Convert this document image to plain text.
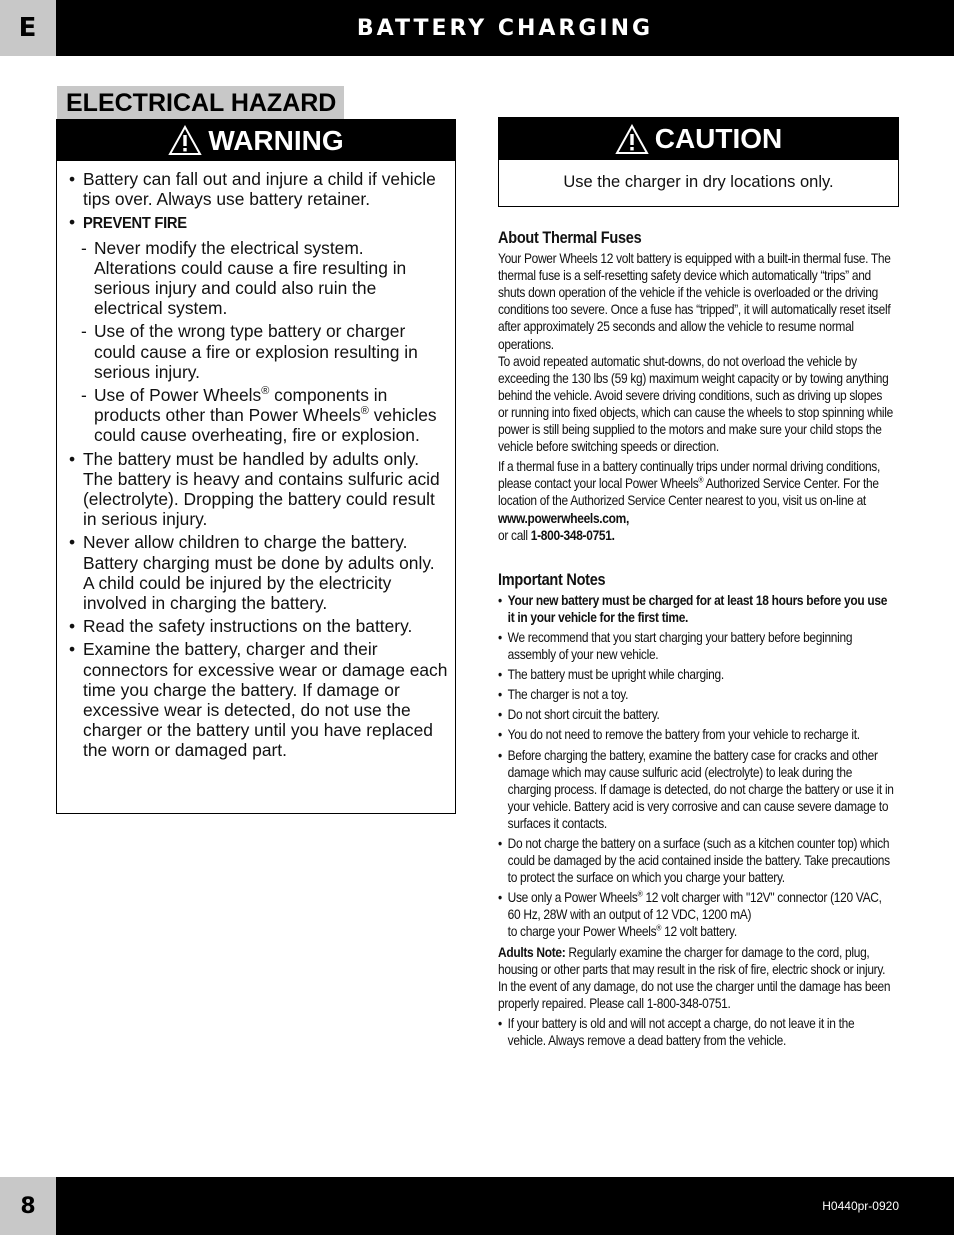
E	BATTERY CHARGING
ELECTRICAL HAZARD
WARNING
• Battery can fall out and injure a child if vehicle tips over. Always use battery retainer.
• PREVENT FIRE
- Never modify the electrical system. Alterations could cause a fire resulting in serious injury and could also ruin the electrical system.
- Use of the wrong type battery or charger could cause a fire or explosion resulting in serious injury.
- Use of Power Wheels® components in products other than Power Wheels® vehicles could cause overheating, fire or explosion.
• The battery must be handled by adults only. The battery is heavy and contains sulfuric acid (electrolyte). Dropping the battery could result in serious injury.
• Never allow children to charge the battery. Battery charging must be done by adults only. A child could be injured by the electricity involved in charging the battery.
• Read the safety instructions on the battery.
• Examine the battery, charger and their connectors for excessive wear or damage each time you charge the battery. If damage or excessive wear is detected, do not use the charger or the battery until you have replaced the worn or damaged part.
CAUTION
Use the charger in dry locations only.
About Thermal Fuses

Your Power Wheels 12 volt battery is equipped with a built-in thermal fuse. The thermal fuse is a self-resetting safety device which automatically “trips” and shuts down operation of the vehicle if the vehicle is overloaded or the driving conditions too severe. Once a fuse has “tripped”, it will automatically reset itself after approximately 25 seconds and allow the vehicle to resume normal operations.

To avoid repeated automatic shut-downs, do not overload the vehicle by exceeding the 130 lbs (59 kg) maximum weight capacity or by towing anything behind the vehicle. Avoid severe driving conditions, such as driving up slopes or running into fixed objects, which can cause the wheels to stop spinning while power is still being supplied to the motors and make sure your child stops the vehicle before switching speeds or direction.

If a thermal fuse in a battery continually trips under normal driving conditions, please contact your local Power Wheels® Authorized Service Center. For the location of the Authorized Service Center nearest to you, visit us on-line at www.powerwheels.com,
or call 1-800-348-0751.

Important Notes
• Your new battery must be charged for at least 18 hours before you use it in your vehicle for the first time.
• We recommend that you start charging your battery before beginning assembly of your new vehicle.
• The battery must be upright while charging.
• The charger is not a toy.
• Do not short circuit the battery.
• You do not need to remove the battery from your vehicle to recharge it.
• Before charging the battery, examine the battery case for cracks and other damage which may cause sulfuric acid (electrolyte) to leak during the charging process. If damage is detected, do not charge the battery or use it in your vehicle. Battery acid is very corrosive and can cause severe damage to surfaces it contacts.
• Do not charge the battery on a surface (such as a kitchen counter top) which could be damaged by the acid contained inside the battery. Take precautions to protect the surface on which you charge your battery.
• Use only a Power Wheels® 12 volt charger with "12V" connector (120 VAC, 60 Hz, 28W with an output of 12 VDC, 1200 mA)
to charge your Power Wheels® 12 volt battery.

Adults Note: Regularly examine the charger for damage to the cord, plug, housing or other parts that may result in the risk of fire, electric shock or injury. In the event of any damage, do not use the charger until the damage has been properly repaired. Please call 1-800-348-0751.

• If your battery is old and will not accept a charge, do not leave it in the vehicle. Always remove a dead battery from the vehicle.
8	H0440pr-0920
